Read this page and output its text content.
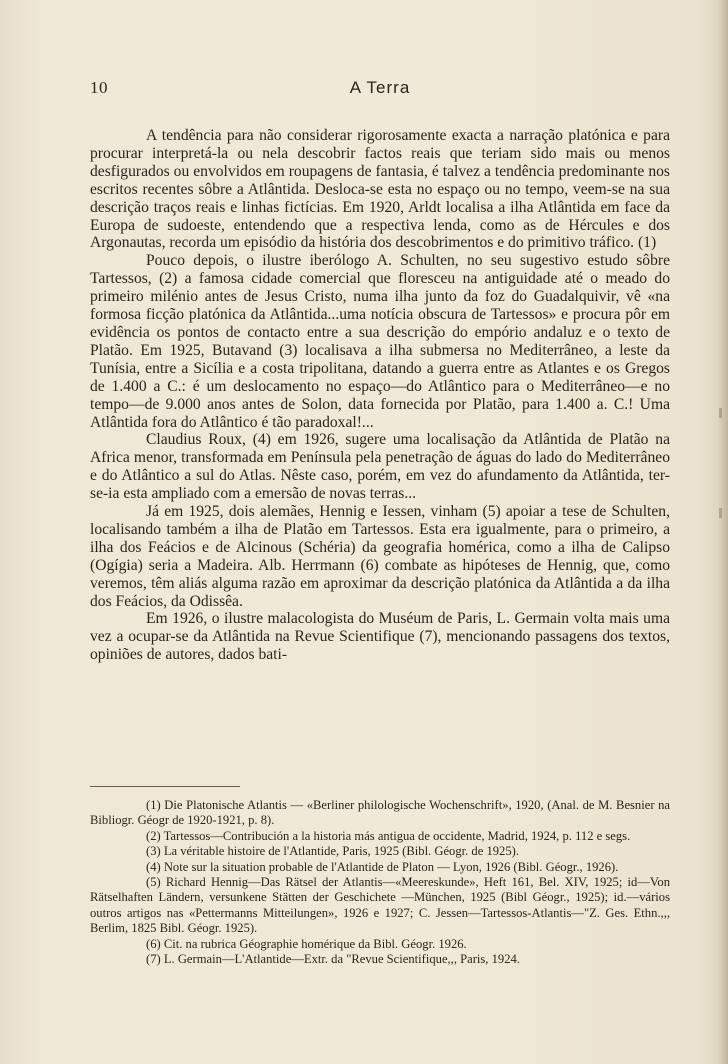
10	A Terra

A tendência para não considerar rigorosamente exacta a narração platónica e para procurar interpretá-la ou nela descobrir factos reais que teriam sido mais ou menos desfigurados ou envolvidos em roupagens de fantasia, é talvez a tendência predominante nos escritos recentes sôbre a Atlântida. Desloca-se esta no espaço ou no tempo, veem-se na sua descrição traços reais e linhas fictícias. Em 1920, Arldt localisa a ilha Atlântida em face da Europa de sudoeste, entendendo que a respectiva lenda, como as de Hércules e dos Argonautas, recorda um episódio da história dos descobrimentos e do primitivo tráfico. (1)

Pouco depois, o ilustre iberólogo A. Schulten, no seu sugestivo estudo sôbre Tartessos, (2) a famosa cidade comercial que floresceu na antiguidade até o meado do primeiro milénio antes de Jesus Cristo, numa ilha junto da foz do Guadalquivir, vê «na formosa ficção platónica da Atlântida...uma notícia obscura de Tartessos» e procura pôr em evidência os pontos de contacto entre a sua descrição do empório andaluz e o texto de Platão. Em 1925, Butavand (3) localisava a ilha submersa no Mediterrâneo, a leste da Tunísia, entre a Sicília e a costa tripolitana, datando a guerra entre as Atlantes e os Gregos de 1.400 a C.: é um deslocamento no espaço—do Atlântico para o Mediterrâneo—e no tempo—de 9.000 anos antes de Solon, data fornecida por Platão, para 1.400 a. C.! Uma Atlântida fora do Atlântico é tão paradoxal!...

Claudius Roux, (4) em 1926, sugere uma localisação da Atlântida de Platão na Africa menor, transformada em Península pela penetração de águas do lado do Mediterrâneo e do Atlântico a sul do Atlas. Nêste caso, porém, em vez do afundamento da Atlântida, ter-se-ia esta ampliado com a emersão de novas terras...

Já em 1925, dois alemães, Hennig e Iessen, vinham (5) apoiar a tese de Schulten, localisando também a ilha de Platão em Tartessos. Esta era igualmente, para o primeiro, a ilha dos Feácios e de Alcinous (Schéria) da geografia homérica, como a ilha de Calipso (Ogígia) seria a Madeira. Alb. Herrmann (6) combate as hipóteses de Hennig, que, como veremos, têm aliás alguma razão em aproximar da descrição platónica da Atlântida a da ilha dos Feácios, da Odissêa.

Em 1926, o ilustre malacologista do Muséum de Paris, L. Germain volta mais uma vez a ocupar-se da Atlântida na Revue Scientifique (7), mencionando passagens dos textos, opiniões de autores, dados bati-

(1) Die Platonische Atlantis — «Berliner philologische Wochenschrift», 1920, (Anal. de M. Besnier na Bibliogr. Géogr de 1920-1921, p. 8).

(2) Tartessos—Contribución a la historia más antigua de occidente, Madrid, 1924, p. 112 e segs.

(3) La véritable histoire de l'Atlantide, Paris, 1925 (Bibl. Géogr. de 1925).

(4) Note sur la situation probable de l'Atlantide de Platon — Lyon, 1926 (Bibl. Géogr., 1926).

(5) Richard Hennig—Das Rätsel der Atlantis—«Meereskunde», Heft 161, Bel. XIV, 1925; id—Von Rätselhaften Ländern, versunkene Stätten der Geschichete —München, 1925 (Bibl Géogr., 1925); id.—vários outros artigos nas «Pettermanns Mitteilungen», 1926 e 1927; C. Jessen—Tartessos-Atlantis—"Z. Ges. Ethn.,,, Berlim, 1825 Bibl. Géogr. 1925).

(6) Cit. na rubrica Géographie homérique da Bibl. Géogr. 1926.

(7) L. Germain—L'Atlantide—Extr. da "Revue Scientifique,,, Paris, 1924.
